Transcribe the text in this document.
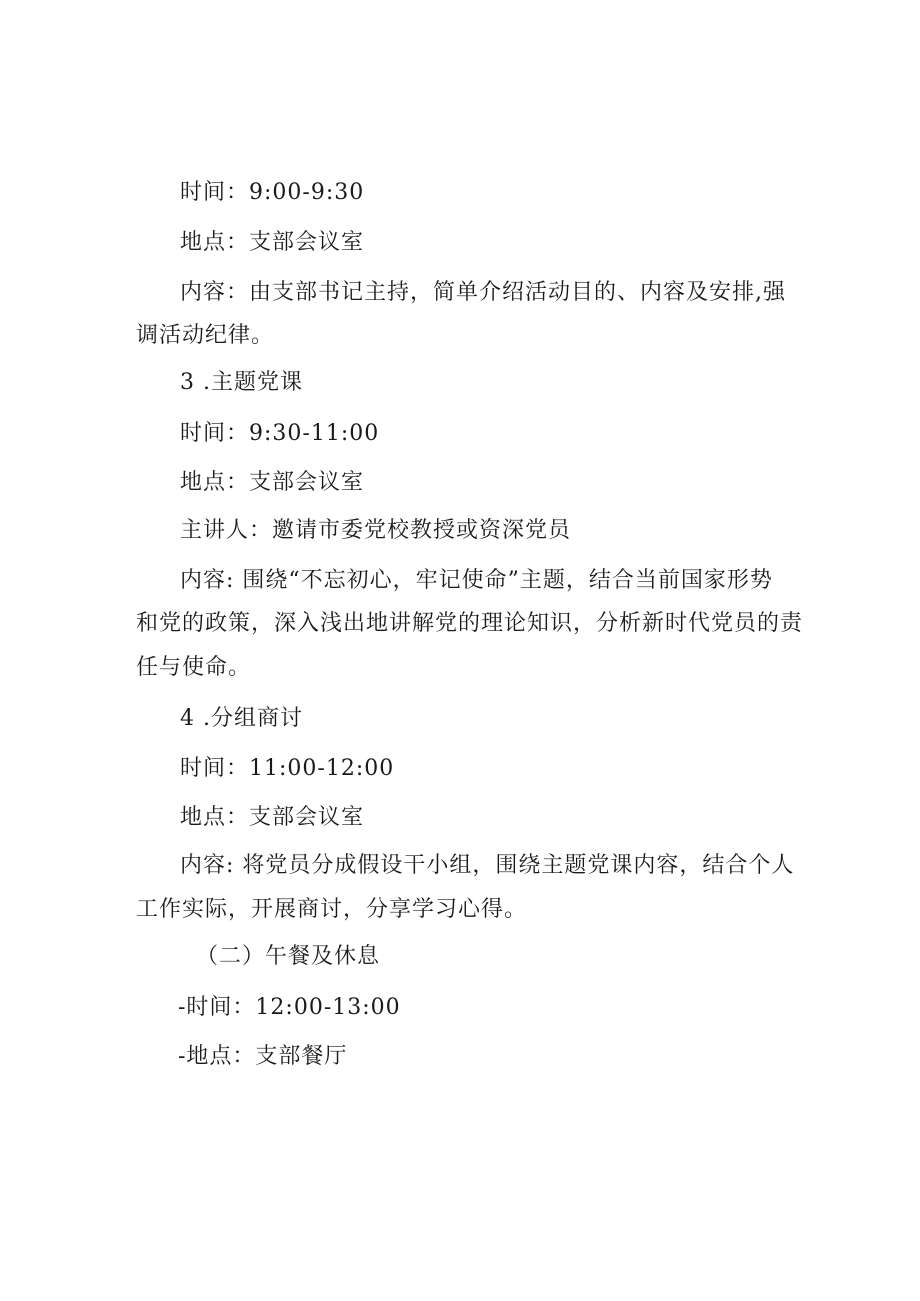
时间：9:00-9:30
地点：支部会议室
内容：由支部书记主持，简单介绍活动目的、内容及安排,强
调活动纪律。
3 .主题党课
时间：9:30-11:00
地点：支部会议室
主讲人：邀请市委党校教授或资深党员
内容: 围绕“不忘初心，牢记使命”主题，结合当前国家形势
和党的政策，深入浅出地讲解党的理论知识，分析新时代党员的责
任与使命。
4 .分组商讨
时间：11:00-12:00
地点：支部会议室
内容: 将党员分成假设干小组，围绕主题党课内容，结合个人
工作实际，开展商讨，分享学习心得。
（二）午餐及休息
-时间：12:00-13:00
-地点：支部餐厅
